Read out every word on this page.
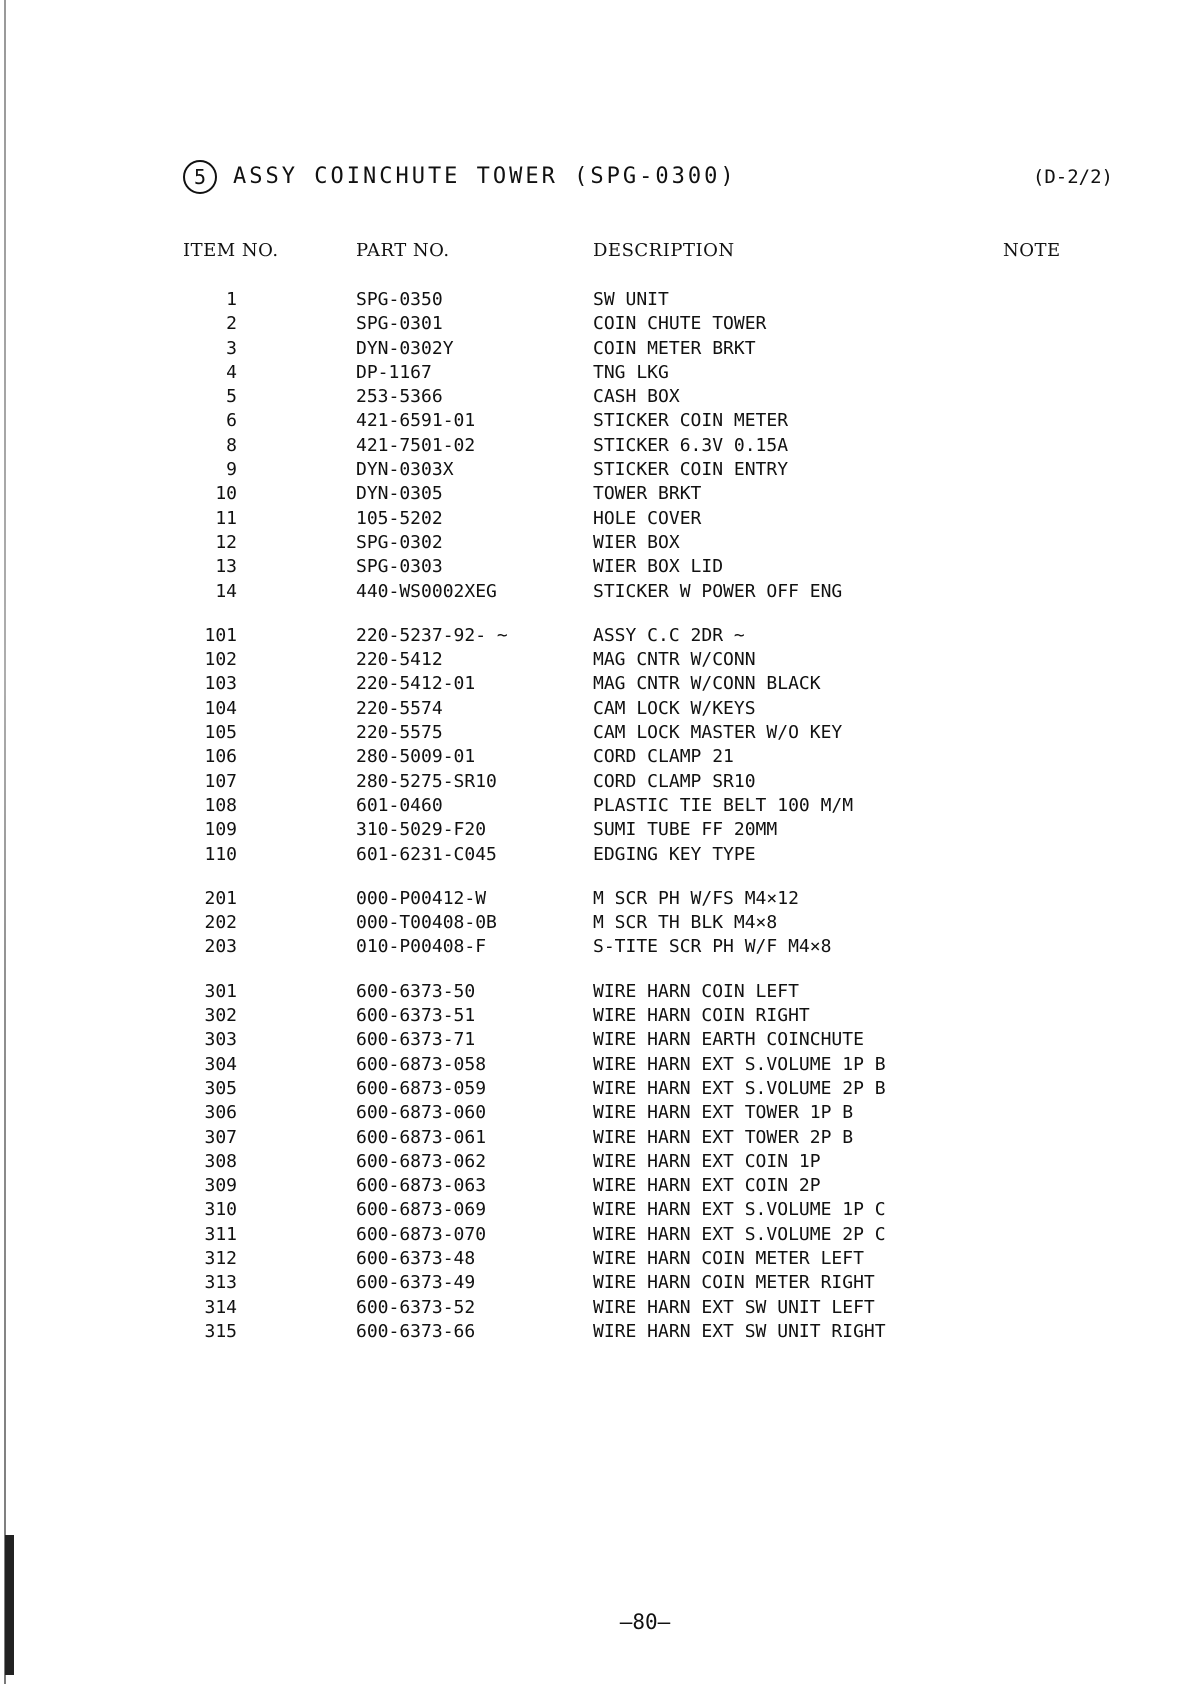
5	ASSY COINCHUTE TOWER (SPG-0300)	(D-2/2)
ITEM NO.	PART NO.	DESCRIPTION	NOTE
1	SPG-0350	SW UNIT
2	SPG-0301	COIN CHUTE TOWER
3	DYN-0302Y	COIN METER BRKT
4	DP-1167	TNG LKG
5	253-5366	CASH BOX
6	421-6591-01	STICKER COIN METER
8	421-7501-02	STICKER 6.3V 0.15A
9	DYN-0303X	STICKER COIN ENTRY
10	DYN-0305	TOWER BRKT
11	105-5202	HOLE COVER
12	SPG-0302	WIER BOX
13	SPG-0303	WIER BOX LID
14	440-WS0002XEG	STICKER W POWER OFF ENG
101	220-5237-92- ~	ASSY C.C 2DR ~
102	220-5412	MAG CNTR W/CONN
103	220-5412-01	MAG CNTR W/CONN BLACK
104	220-5574	CAM LOCK W/KEYS
105	220-5575	CAM LOCK MASTER W/O KEY
106	280-5009-01	CORD CLAMP 21
107	280-5275-SR10	CORD CLAMP SR10
108	601-0460	PLASTIC TIE BELT 100 M/M
109	310-5029-F20	SUMI TUBE FF 20MM
110	601-6231-C045	EDGING KEY TYPE
201	000-P00412-W	M SCR PH W/FS M4×12
202	000-T00408-0B	M SCR TH BLK M4×8
203	010-P00408-F	S-TITE SCR PH W/F M4×8
301	600-6373-50	WIRE HARN COIN LEFT
302	600-6373-51	WIRE HARN COIN RIGHT
303	600-6373-71	WIRE HARN EARTH COINCHUTE
304	600-6873-058	WIRE HARN EXT S.VOLUME 1P B
305	600-6873-059	WIRE HARN EXT S.VOLUME 2P B
306	600-6873-060	WIRE HARN EXT TOWER 1P B
307	600-6873-061	WIRE HARN EXT TOWER 2P B
308	600-6873-062	WIRE HARN EXT COIN 1P
309	600-6873-063	WIRE HARN EXT COIN 2P
310	600-6873-069	WIRE HARN EXT S.VOLUME 1P C
311	600-6873-070	WIRE HARN EXT S.VOLUME 2P C
312	600-6373-48	WIRE HARN COIN METER LEFT
313	600-6373-49	WIRE HARN COIN METER RIGHT
314	600-6373-52	WIRE HARN EXT SW UNIT LEFT
315	600-6373-66	WIRE HARN EXT SW UNIT RIGHT
—80—
